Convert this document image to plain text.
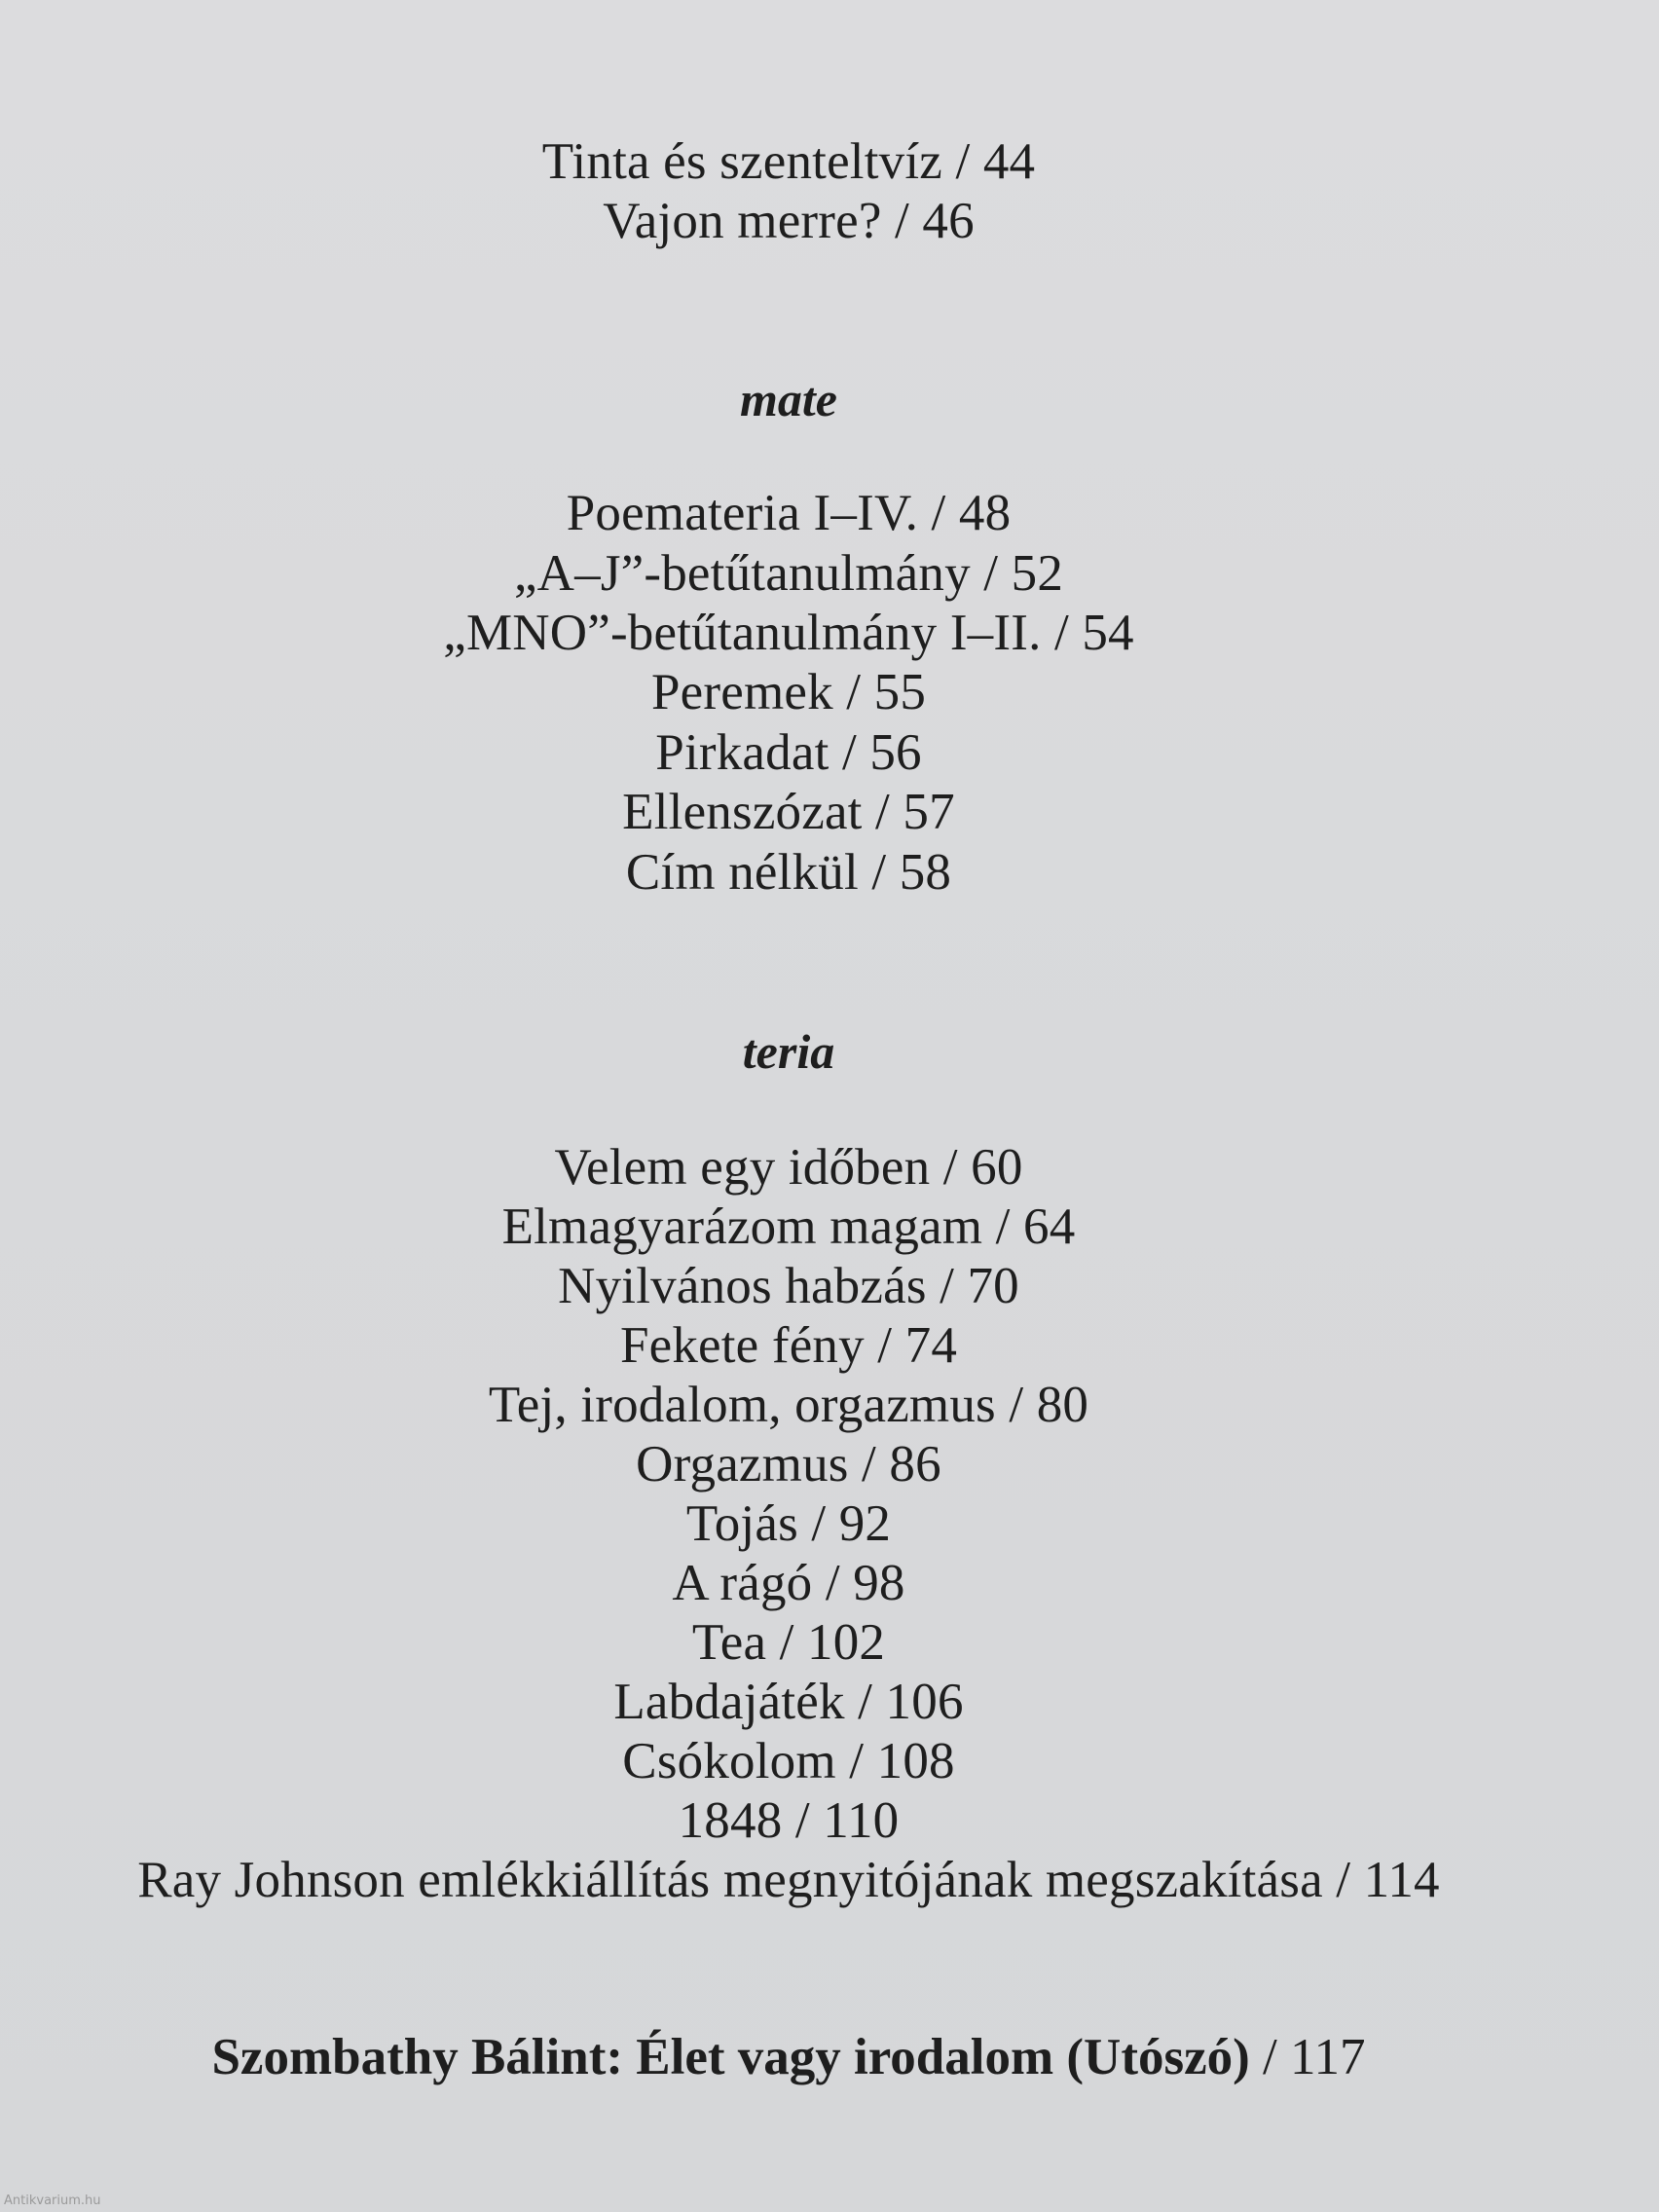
Tinta és szenteltvíz / 44
Vajon merre? / 46
mate
Poemateria I–IV. / 48
„A–J”-betűtanulmány / 52
„MNO”-betűtanulmány I–II. / 54
Peremek / 55
Pirkadat / 56
Ellenszózat / 57
Cím nélkül / 58
teria
Velem egy időben / 60
Elmagyarázom magam / 64
Nyilvános habzás / 70
Fekete fény / 74
Tej, irodalom, orgazmus / 80
Orgazmus / 86
Tojás / 92
A rágó / 98
Tea / 102
Labdajáték / 106
Csókolom / 108
1848 / 110
Ray Johnson emlékkiállítás megnyitójának megszakítása / 114
Szombathy Bálint: Élet vagy irodalom (Utószó) / 117
Antikvarium.hu
